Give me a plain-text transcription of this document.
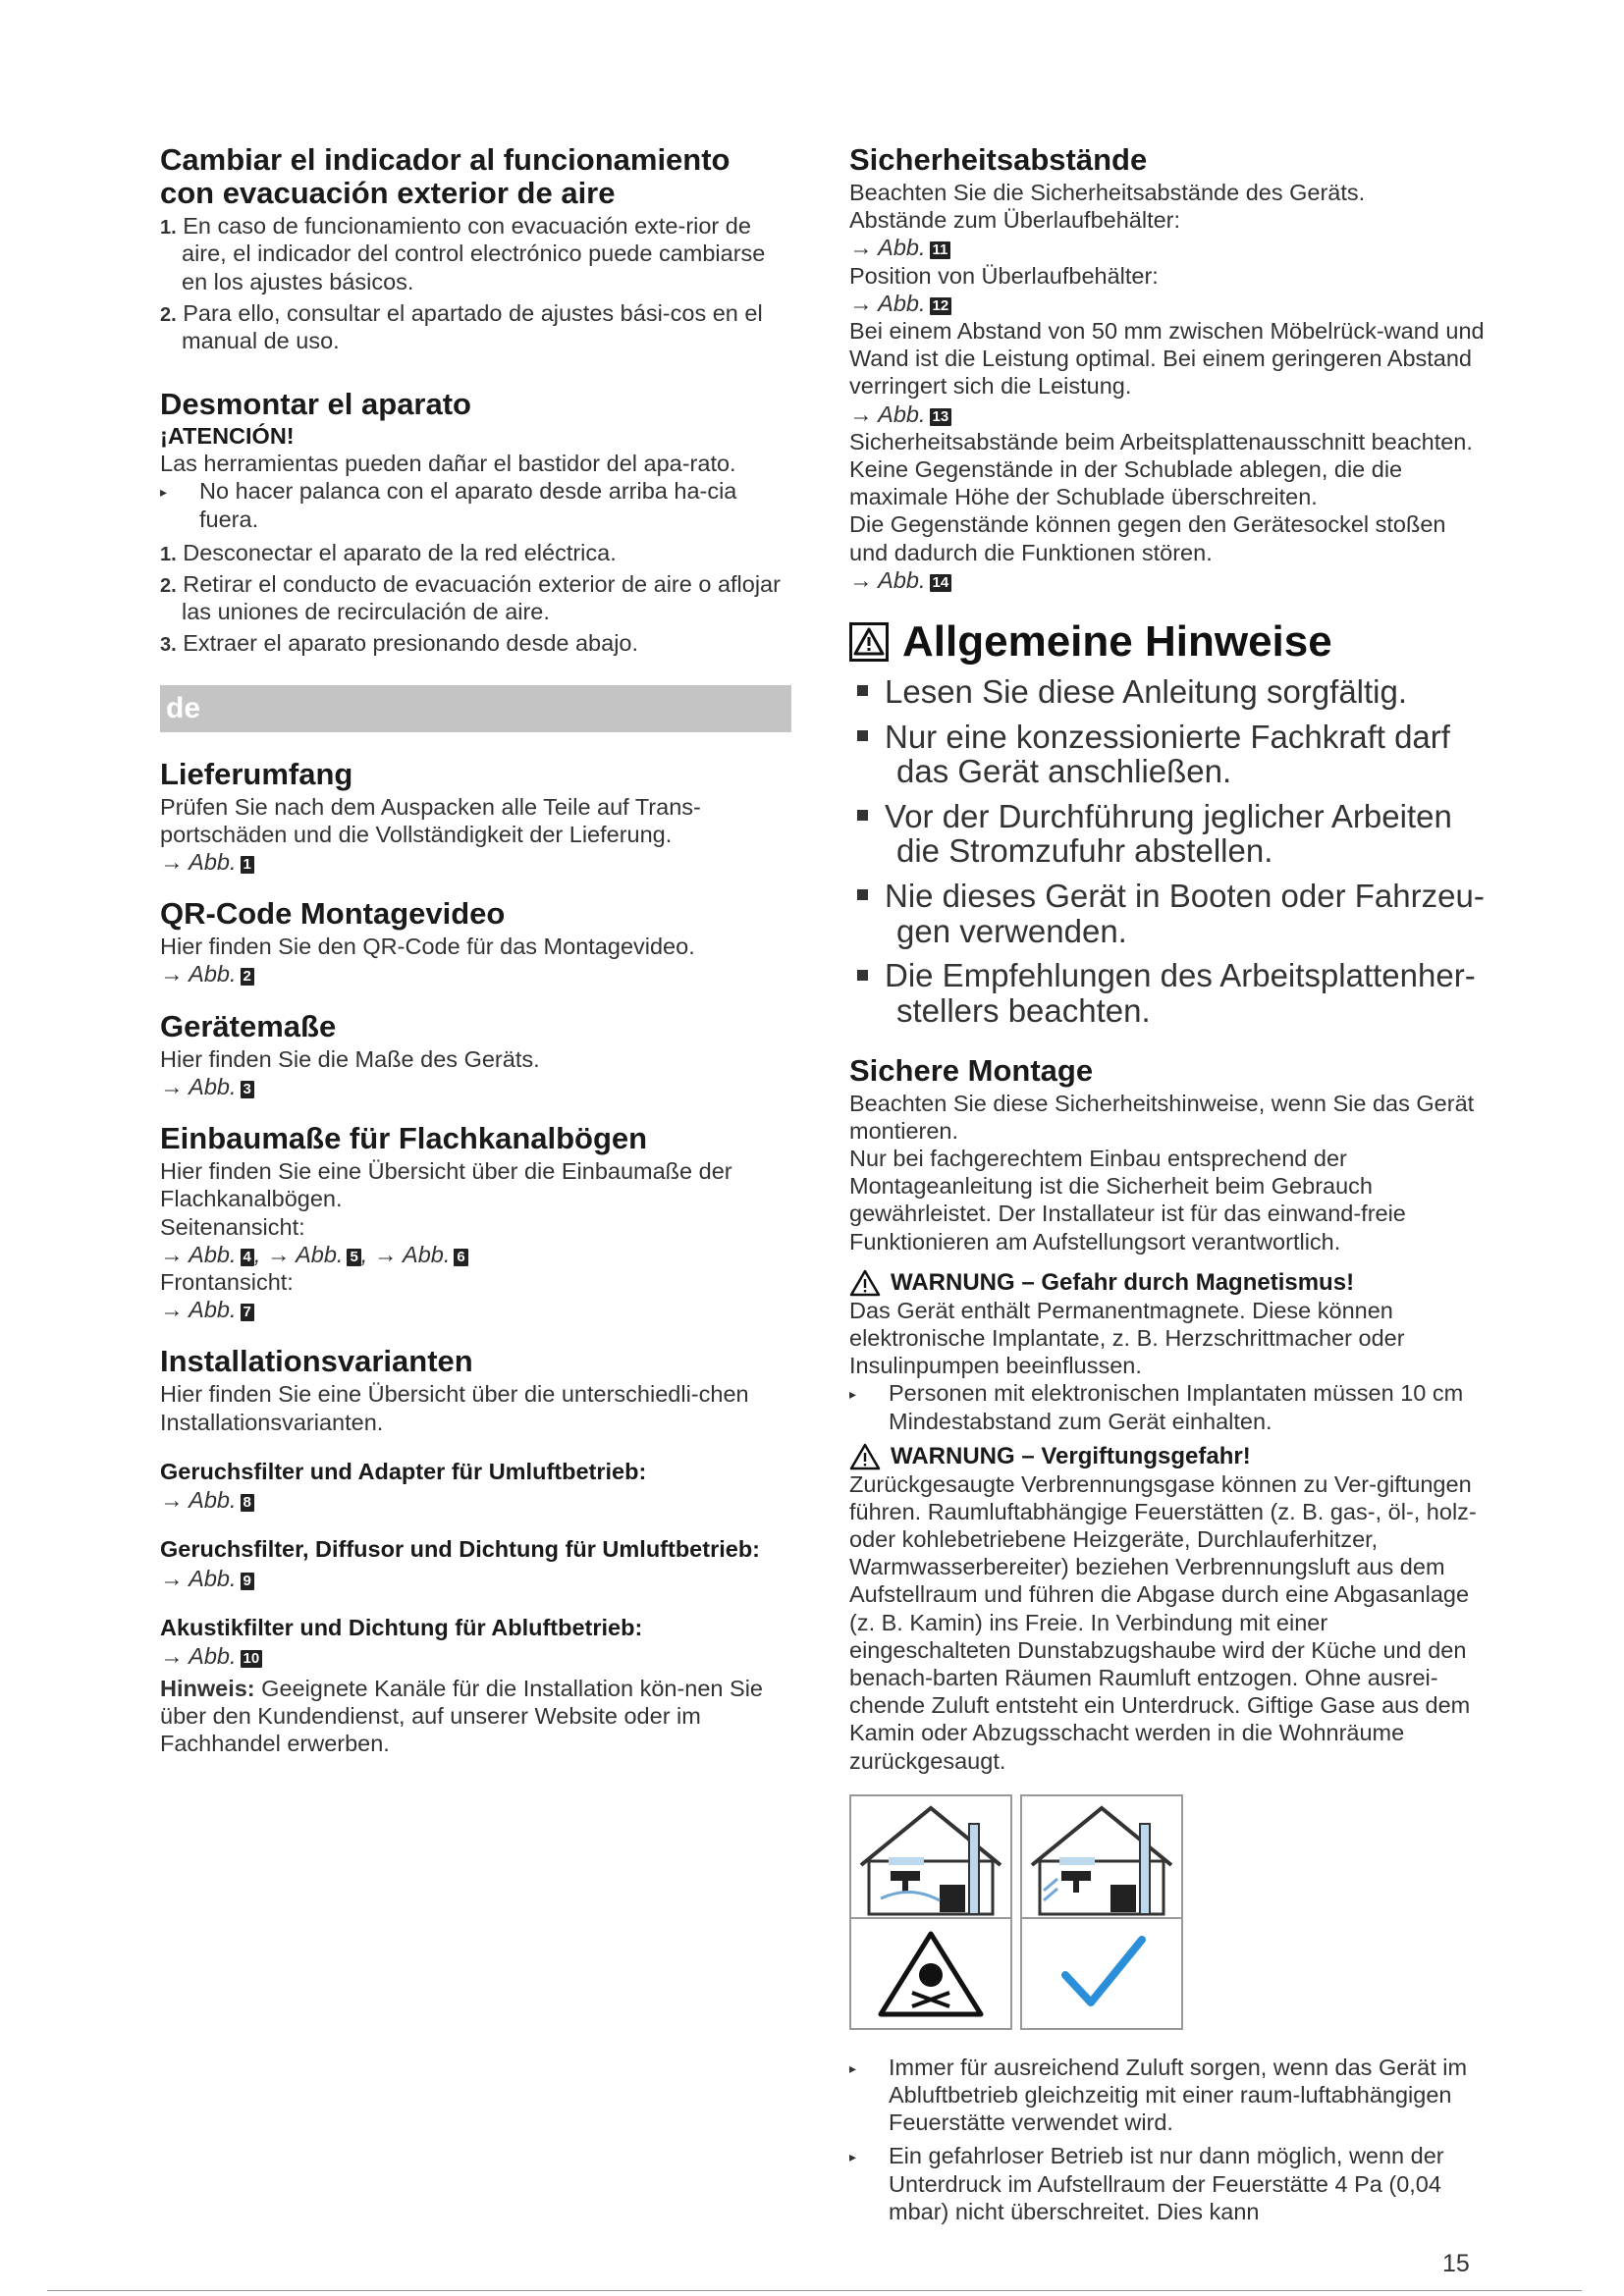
Cambiar el indicador al funcionamiento
con evacuación exterior de aire
1. En caso de funcionamiento con evacuación exte-rior de aire, el indicador del control electrónico puede cambiarse en los ajustes básicos.
2. Para ello, consultar el apartado de ajustes bási-cos en el manual de uso.
Desmontar el aparato

¡ATENCIÓN!

Las herramientas pueden dañar el bastidor del apa-rato.

▸ No hacer palanca con el aparato desde arriba ha-cia fuera.
1. Desconectar el aparato de la red eléctrica.
2. Retirar el conducto de evacuación exterior de aire o aflojar las uniones de recirculación de aire.
3. Extraer el aparato presionando desde abajo.
de
Lieferumfang

Prüfen Sie nach dem Auspacken alle Teile auf Trans-portschäden und die Vollständigkeit der Lieferung.

→ Abb. 1

QR-Code Montagevideo

Hier finden Sie den QR-Code für das Montagevideo.

→ Abb. 2

Gerätemaße

Hier finden Sie die Maße des Geräts.

→ Abb. 3

Einbaumaße für Flachkanalbögen

Hier finden Sie eine Übersicht über die Einbaumaße der Flachkanalbögen.

Seitenansicht:

→ Abb. 4 , → Abb. 5 , → Abb. 6

Frontansicht:

→ Abb. 7

Installationsvarianten

Hier finden Sie eine Übersicht über die unterschiedli-chen Installationsvarianten.

Geruchsfilter und Adapter für Umluftbetrieb:

→ Abb. 8

Geruchsfilter, Diffusor und Dichtung für Umluftbetrieb:

→ Abb. 9

Akustikfilter und Dichtung für Abluftbetrieb:

→ Abb. 10

Hinweis: Geeignete Kanäle für die Installation kön-nen Sie über den Kundendienst, auf unserer Website oder im Fachhandel erwerben.

Sicherheitsabstände

Beachten Sie die Sicherheitsabstände des Geräts.

Abstände zum Überlaufbehälter:

→ Abb. 11

Position von Überlaufbehälter:

→ Abb. 12

Bei einem Abstand von 50 mm zwischen Möbelrück-wand und Wand ist die Leistung optimal. Bei einem geringeren Abstand verringert sich die Leistung.

→ Abb. 13

Sicherheitsabstände beim Arbeitsplattenausschnitt beachten.

Keine Gegenstände in der Schublade ablegen, die die maximale Höhe der Schublade überschreiten.

Die Gegenstände können gegen den Gerätesockel stoßen und dadurch die Funktionen stören.

→ Abb. 14

Allgemeine Hinweise
Lesen Sie diese Anleitung sorgfältig.
Nur eine konzessionierte Fachkraft darf das Gerät anschließen.
Vor der Durchführung jeglicher Arbeiten die Stromzufuhr abstellen.
Nie dieses Gerät in Booten oder Fahrzeu-gen verwenden.
Die Empfehlungen des Arbeitsplattenher-stellers beachten.
Sichere Montage

Beachten Sie diese Sicherheitshinweise, wenn Sie das Gerät montieren.

Nur bei fachgerechtem Einbau entsprechend der Montageanleitung ist die Sicherheit beim Gebrauch gewährleistet. Der Installateur ist für das einwand-freie Funktionieren am Aufstellungsort verantwortlich.

WARNUNG – Gefahr durch Magnetismus!

Das Gerät enthält Permanentmagnete. Diese können elektronische Implantate, z. B. Herzschrittmacher oder Insulinpumpen beeinflussen.

▸ Personen mit elektronischen Implantaten müssen 10 cm Mindestabstand zum Gerät einhalten.
WARNUNG – Vergiftungsgefahr!

Zurückgesaugte Verbrennungsgase können zu Ver-giftungen führen. Raumluftabhängige Feuerstätten (z. B. gas-, öl-, holz- oder kohlebetriebene Heizgeräte, Durchlauferhitzer, Warmwasserbereiter) beziehen Verbrennungsluft aus dem Aufstellraum und führen die Abgase durch eine Abgasanlage (z. B. Kamin) ins Freie. In Verbindung mit einer eingeschalteten Dunstabzugshaube wird der Küche und den benach-barten Räumen Raumluft entzogen. Ohne ausrei-chende Zuluft entsteht ein Unterdruck. Giftige Gase aus dem Kamin oder Abzugsschacht werden in die Wohnräume zurückgesaugt.

▸ Immer für ausreichend Zuluft sorgen, wenn das Gerät im Abluftbetrieb gleichzeitig mit einer raum-luftabhängigen Feuerstätte verwendet wird.
▸ Ein gefahrloser Betrieb ist nur dann möglich, wenn der Unterdruck im Aufstellraum der Feuerstätte 4 Pa (0,04 mbar) nicht überschreitet. Dies kann
15
